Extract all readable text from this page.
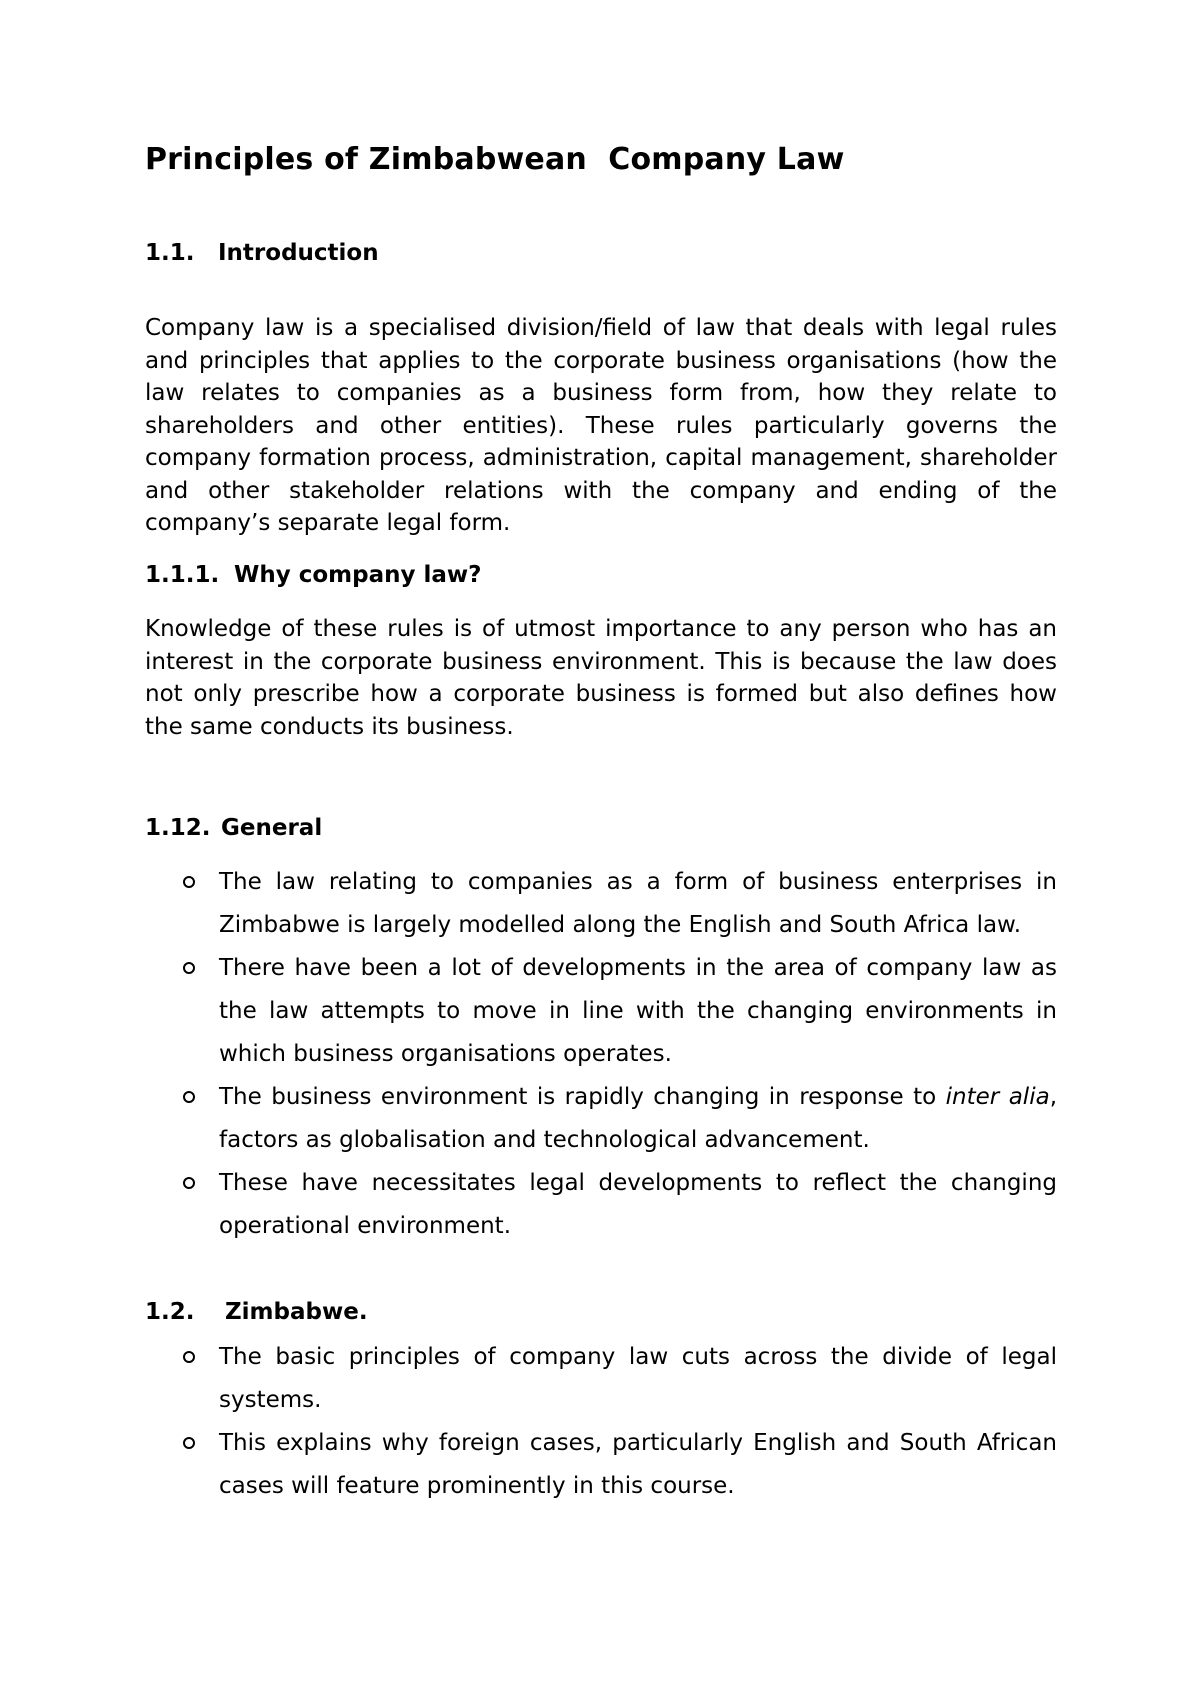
Principles of Zimbabwean  Company Law
1.1. Introduction

Company law is a specialised division/field of law that deals with legal rules and principles that applies to the corporate business organisations (how the law relates to companies as a business form from, how they relate to shareholders and other entities). These rules particularly governs the company formation process, administration, capital management, shareholder and other stakeholder relations with the company and ending of the company’s separate legal form.

1.1.1. Why company law?

Knowledge of these rules is of utmost importance to any person who has an interest in the corporate business environment. This is because the law does not only prescribe how a corporate business is formed but also defines how the same conducts its business.

1.12. General
The law relating to companies as a form of business enterprises in Zimbabwe is largely modelled along the English and South Africa law.
There have been a lot of developments in the area of company law as the law attempts to move in line with the changing environments in which business organisations operates.
The business environment is rapidly changing in response to inter alia, factors as globalisation and technological advancement.
These have necessitates legal developments to reflect the changing operational environment.
1.2. Zimbabwe.
The basic principles of company law cuts across the divide of legal systems.
This explains why foreign cases, particularly English and South African cases will feature prominently in this course.
